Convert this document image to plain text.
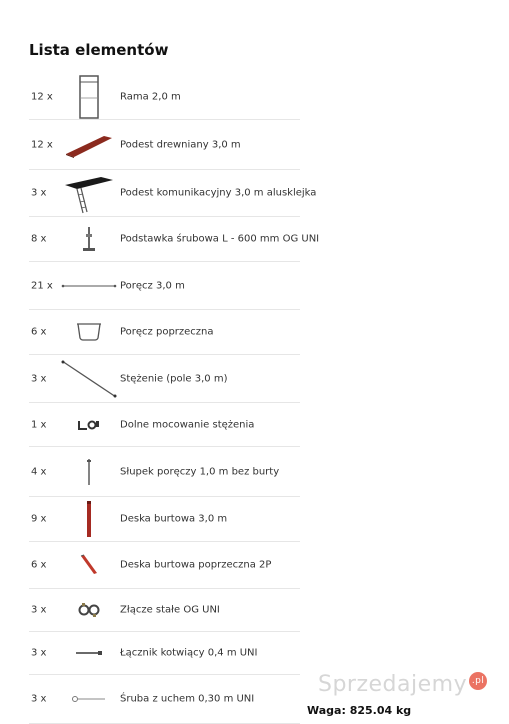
Lista elementów
12 x	Rama 2,0 m
12 x	Podest drewniany 3,0 m
3 x	Podest komunikacyjny 3,0 m alusklejka
8 x	Podstawka śrubowa L - 600 mm OG UNI
21 x	Poręcz 3,0 m
6 x	Poręcz poprzeczna
3 x	Stężenie (pole 3,0 m)
1 x	Dolne mocowanie stężenia
4 x	Słupek poręczy 1,0 m bez burty
9 x	Deska burtowa 3,0 m
6 x	Deska burtowa poprzeczna 2P
3 x	Złącze stałe OG UNI
3 x	Łącznik kotwiący 0,4 m UNI
3 x	Śruba z uchem 0,30 m UNI
Sprzedajemy .pl
Waga: 825.04 kg
